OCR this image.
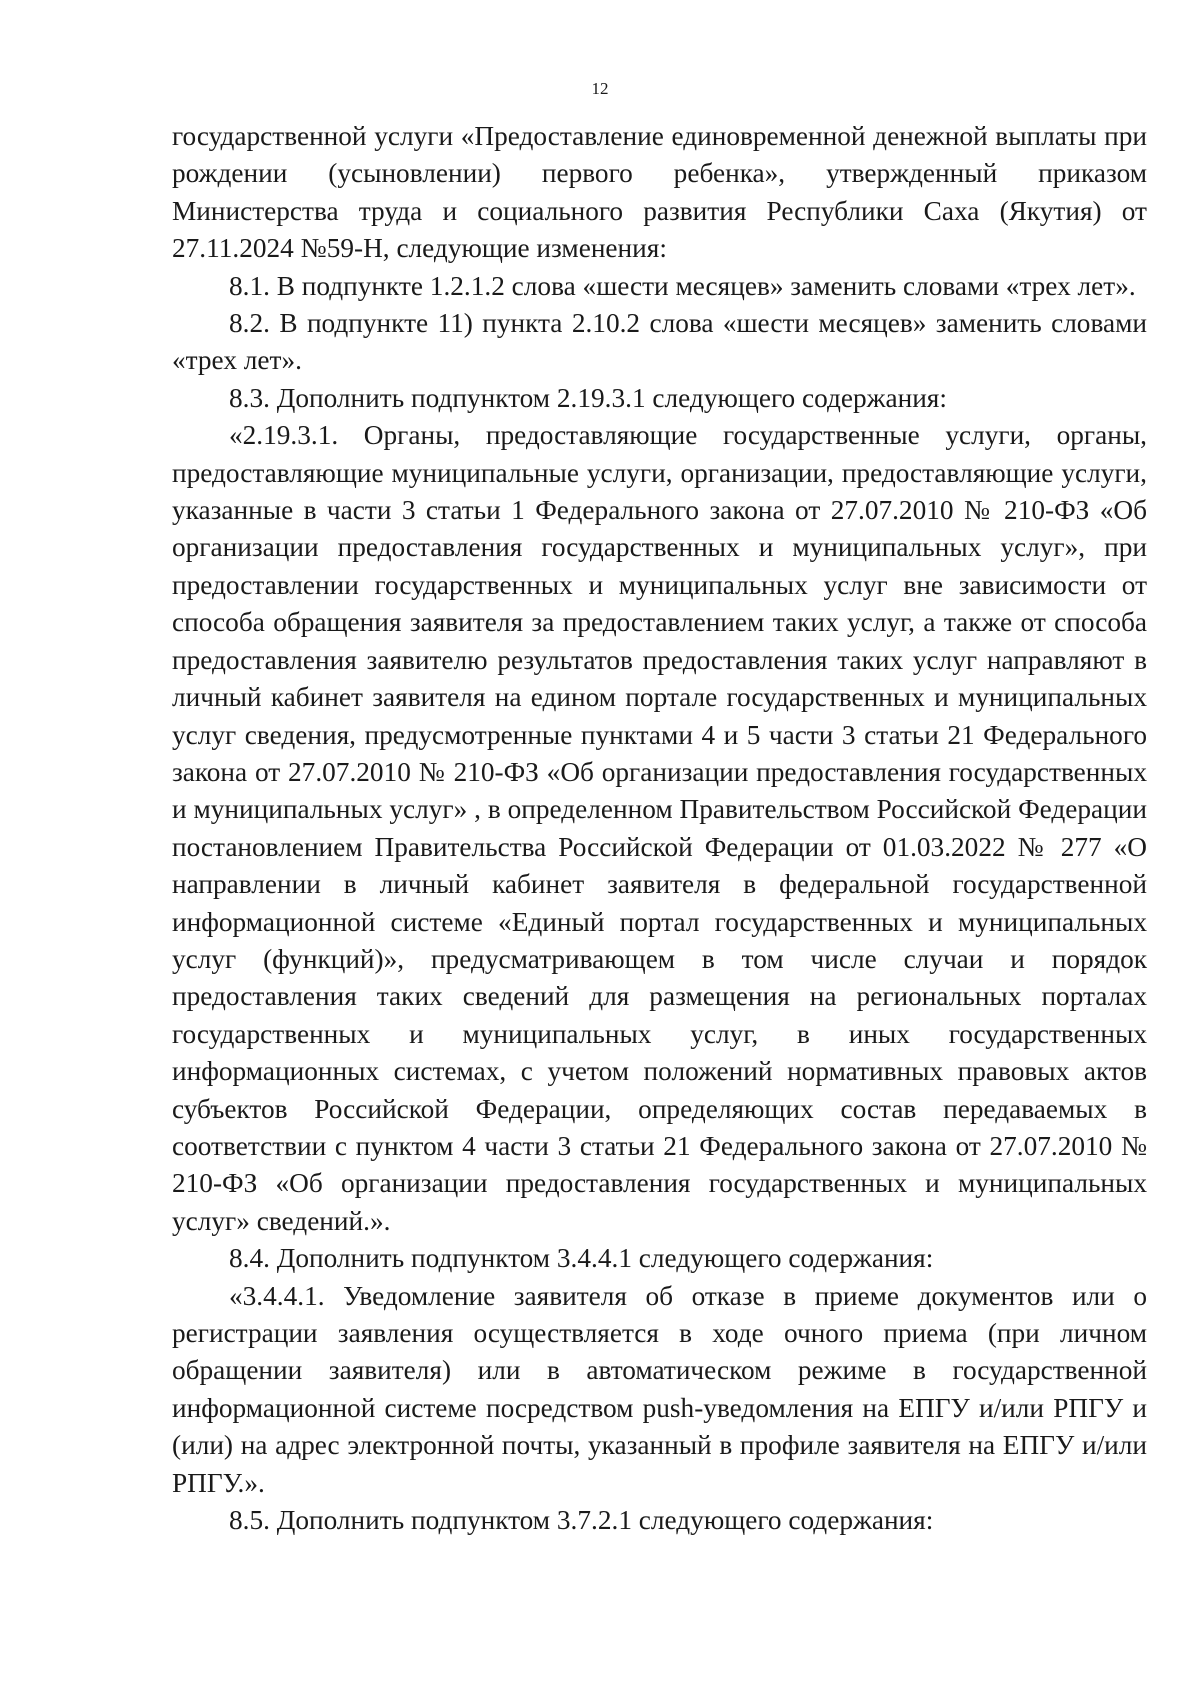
12

государственной услуги «Предоставление единовременной денежной выплаты при рождении (усыновлении) первого ребенка», утвержденный приказом Министерства труда и социального развития Республики Саха (Якутия) от 27.11.2024 №59-Н, следующие изменения:

8.1. В подпункте 1.2.1.2 слова «шести месяцев» заменить словами «трех лет».

8.2. В подпункте 11) пункта 2.10.2 слова «шести месяцев» заменить словами «трех лет».

8.3. Дополнить подпунктом 2.19.3.1 следующего содержания:

«2.19.3.1. Органы, предоставляющие государственные услуги, органы, предоставляющие муниципальные услуги, организации, предоставляющие услуги, указанные в части 3 статьи 1 Федерального закона от 27.07.2010 № 210-ФЗ «Об организации предоставления государственных и муниципальных услуг», при предоставлении государственных и муниципальных услуг вне зависимости от способа обращения заявителя за предоставлением таких услуг, а также от способа предоставления заявителю результатов предоставления таких услуг направляют в личный кабинет заявителя на едином портале государственных и муниципальных услуг сведения, предусмотренные пунктами 4 и 5 части 3 статьи 21 Федерального закона от 27.07.2010 № 210-ФЗ «Об организации предоставления государственных и муниципальных услуг» , в определенном Правительством Российской Федерации постановлением Правительства Российской Федерации от 01.03.2022 № 277 «О направлении в личный кабинет заявителя в федеральной государственной информационной системе «Единый портал государственных и муниципальных услуг (функций)», предусматривающем в том числе случаи и порядок предоставления таких сведений для размещения на региональных порталах государственных и муниципальных услуг, в иных государственных информационных системах, с учетом положений нормативных правовых актов субъектов Российской Федерации, определяющих состав передаваемых в соответствии с пунктом 4 части 3 статьи 21 Федерального закона от 27.07.2010 № 210-ФЗ «Об организации предоставления государственных и муниципальных услуг» сведений.».

8.4. Дополнить подпунктом 3.4.4.1 следующего содержания:

«3.4.4.1. Уведомление заявителя об отказе в приеме документов или о регистрации заявления осуществляется в ходе очного приема (при личном обращении заявителя) или в автоматическом режиме в государственной информационной системе посредством push-уведомления на ЕПГУ и/или РПГУ и (или) на адрес электронной почты, указанный в профиле заявителя на ЕПГУ и/или РПГУ.».

8.5. Дополнить подпунктом 3.7.2.1 следующего содержания:
